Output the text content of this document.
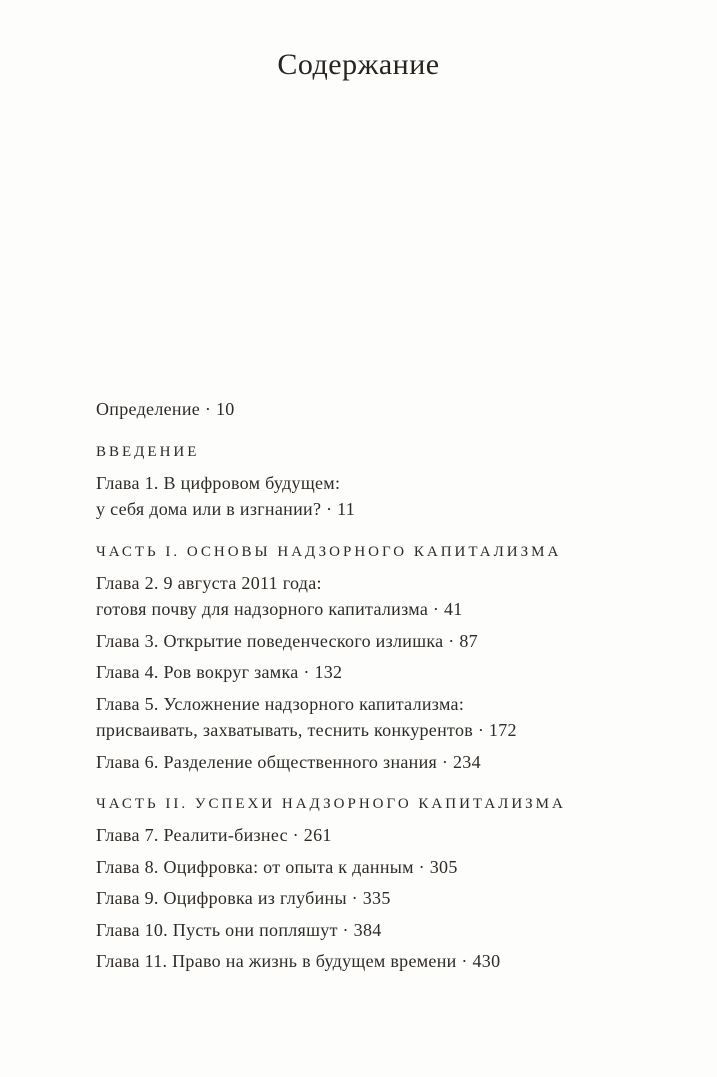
Содержание

Определение · 10

ВВЕДЕНИЕ

Глава 1. В цифровом будущем:
у себя дома или в изгнании? · 11

ЧАСТЬ I. ОСНОВЫ НАДЗОРНОГО КАПИТАЛИЗМА

Глава 2. 9 августа 2011 года:
готовя почву для надзорного капитализма · 41

Глава 3. Открытие поведенческого излишка · 87

Глава 4. Ров вокруг замка · 132

Глава 5. Усложнение надзорного капитализма:
присваивать, захватывать, теснить конкурентов · 172

Глава 6. Разделение общественного знания · 234

ЧАСТЬ II. УСПЕХИ НАДЗОРНОГО КАПИТАЛИЗМА

Глава 7. Реалити-бизнес · 261

Глава 8. Оцифровка: от опыта к данным · 305

Глава 9. Оцифровка из глубины · 335

Глава 10. Пусть они попляшут · 384

Глава 11. Право на жизнь в будущем времени · 430
